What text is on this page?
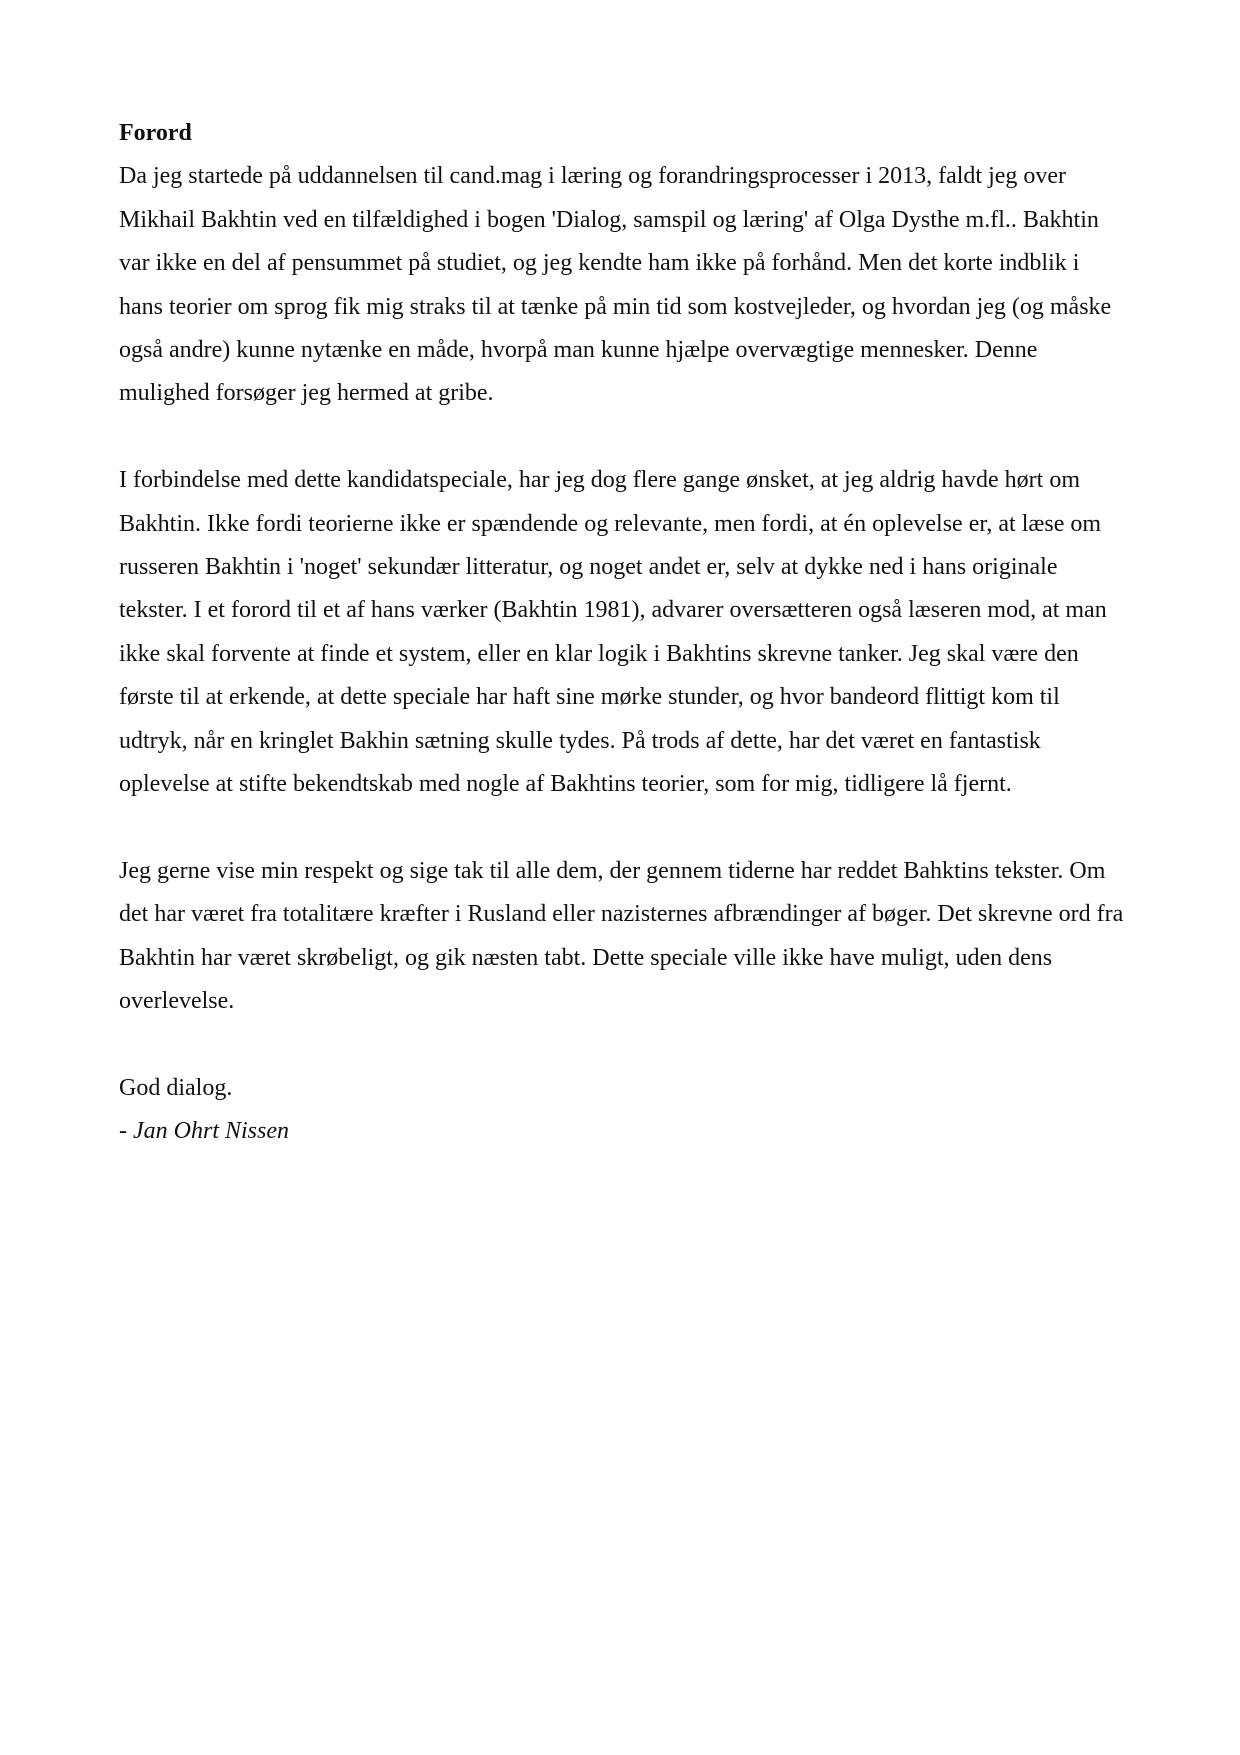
Forord

Da jeg startede på uddannelsen til cand.mag i læring og forandringsprocesser i 2013, faldt jeg over Mikhail Bakhtin ved en tilfældighed i bogen 'Dialog, samspil og læring' af Olga Dysthe m.fl.. Bakhtin var ikke en del af pensummet på studiet, og jeg kendte ham ikke på forhånd. Men det korte indblik i hans teorier om sprog fik mig straks til at tænke på min tid som kostvejleder, og hvordan jeg (og måske også andre) kunne nytænke en måde, hvorpå man kunne hjælpe overvægtige mennesker. Denne mulighed forsøger jeg hermed at gribe.

I forbindelse med dette kandidatspeciale, har jeg dog flere gange ønsket, at jeg aldrig havde hørt om Bakhtin. Ikke fordi teorierne ikke er spændende og relevante, men fordi, at én oplevelse er, at læse om russeren Bakhtin i 'noget' sekundær litteratur, og noget andet er, selv at dykke ned i hans originale tekster. I et forord til et af hans værker (Bakhtin 1981), advarer oversætteren også læseren mod, at man ikke skal forvente at finde et system, eller en klar logik i Bakhtins skrevne tanker. Jeg skal være den første til at erkende, at dette speciale har haft sine mørke stunder, og hvor bandeord flittigt kom til udtryk, når en kringlet Bakhin sætning skulle tydes. På trods af dette, har det været en fantastisk oplevelse at stifte bekendtskab med nogle af Bakhtins teorier, som for mig, tidligere lå fjernt.

Jeg gerne vise min respekt og sige tak til alle dem, der gennem tiderne har reddet Bahktins tekster. Om det har været fra totalitære kræfter i Rusland eller nazisternes afbrændinger af bøger. Det skrevne ord fra Bakhtin har været skrøbeligt, og gik næsten tabt. Dette speciale ville ikke have muligt, uden dens overlevelse.

God dialog.

- Jan Ohrt Nissen
